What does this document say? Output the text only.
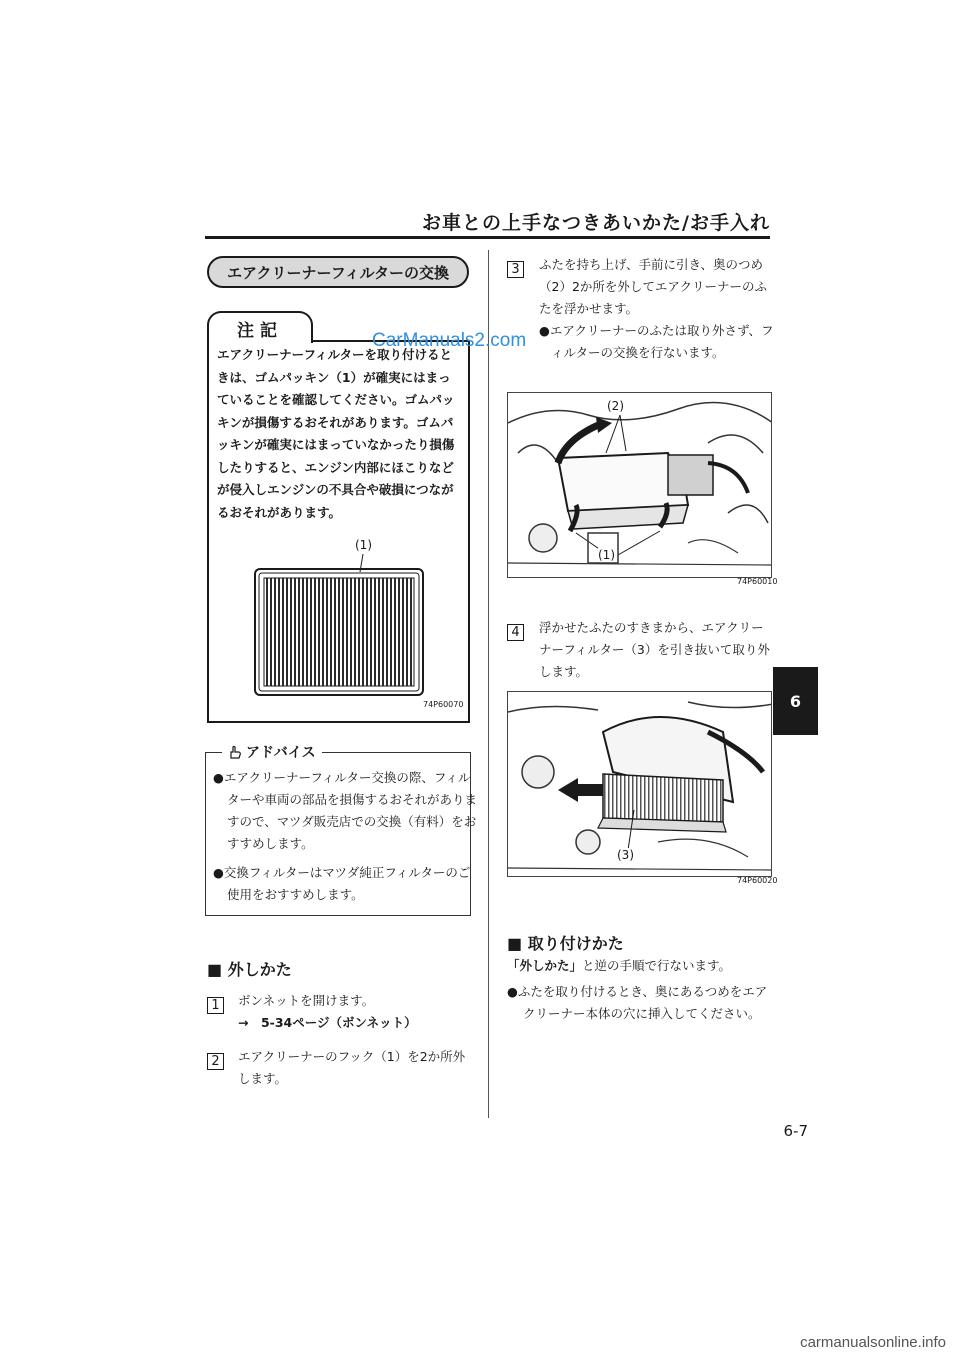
お車との上手なつきあいかた/お手入れ
6
エアクリーナーフィルターの交換
注記
エアクリーナーフィルターを取り付けるときは、ゴムパッキン（1）が確実にはまっていることを確認してください。ゴムパッキンが損傷するおそれがあります。ゴムパッキンが確実にはまっていなかったり損傷したりすると、エンジン内部にほこりなどが侵入しエンジンの不具合や破損につながるおそれがあります。
CarManuals2.com
(1)
74P60070
アドバイス
●エアクリーナーフィルター交換の際、フィルターや車両の部品を損傷するおそれがありますので、マツダ販売店での交換（有料）をおすすめします。
●交換フィルターはマツダ純正フィルターのご使用をおすすめします。
■ 外しかた
1	ボンネットを開けます。
→　5-34ページ（ボンネット）
2	エアクリーナーのフック（1）を2か所外します。
3	ふたを持ち上げ、手前に引き、奥のつめ（2）2か所を外してエアクリーナーのふたを浮かせます。
●エアクリーナーのふたは取り外さず、フィルターの交換を行ないます。
(2)
(1)
74P60010
4	浮かせたふたのすきまから、エアクリーナーフィルター（3）を引き抜いて取り外します。
(3)
74P60020
■ 取り付けかた
「外しかた」と逆の手順で行ないます。
●ふたを取り付けるとき、奥にあるつめをエアクリーナー本体の穴に挿入してください。
6-7
carmanualsonline.info
